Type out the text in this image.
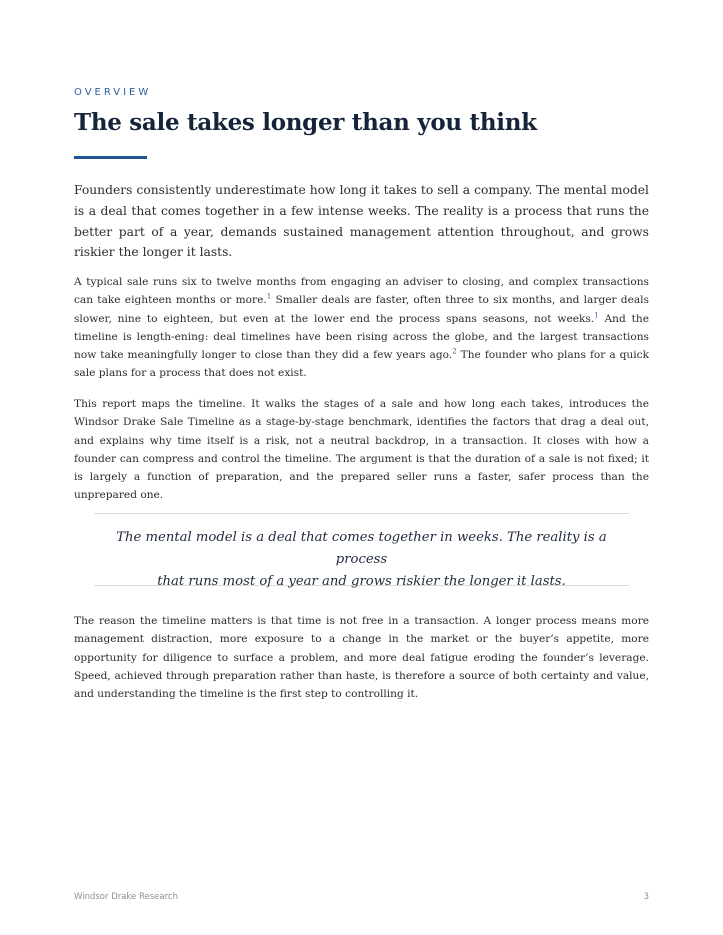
OVERVIEW
The sale takes longer than you think

Founders consistently underestimate how long it takes to sell a company. The mental model is a deal that comes together in a few intense weeks. The reality is a process that runs the better part of a year, demands sustained management attention throughout, and grows riskier the longer it lasts.

A typical sale runs six to twelve months from engaging an adviser to closing, and complex transactions can take eighteen months or more.$^1$ Smaller deals are faster, often three to six months, and larger deals slower, nine to eighteen, but even at the lower end the process spans seasons, not weeks.$^1$ And the timeline is length-ening: deal timelines have been rising across the globe, and the largest transactions now take meaningfully longer to close than they did a few years ago.$^2$ The founder who plans for a quick sale plans for a process that does not exist.

This report maps the timeline. It walks the stages of a sale and how long each takes, introduces the Windsor Drake Sale Timeline as a stage-by-stage benchmark, identifies the factors that drag a deal out, and explains why time itself is a risk, not a neutral backdrop, in a transaction. It closes with how a founder can compress and control the timeline. The argument is that the duration of a sale is not fixed; it is largely a function of preparation, and the prepared seller runs a faster, safer process than the unprepared one.

The mental model is a deal that comes together in weeks. The reality is a process
that runs most of a year and grows riskier the longer it lasts.

The reason the timeline matters is that time is not free in a transaction. A longer process means more management distraction, more exposure to a change in the market or the buyer’s appetite, more opportunity for diligence to surface a problem, and more deal fatigue eroding the founder’s leverage. Speed, achieved through preparation rather than haste, is therefore a source of both certainty and value, and understanding the timeline is the first step to controlling it.

Windsor Drake Research	3
